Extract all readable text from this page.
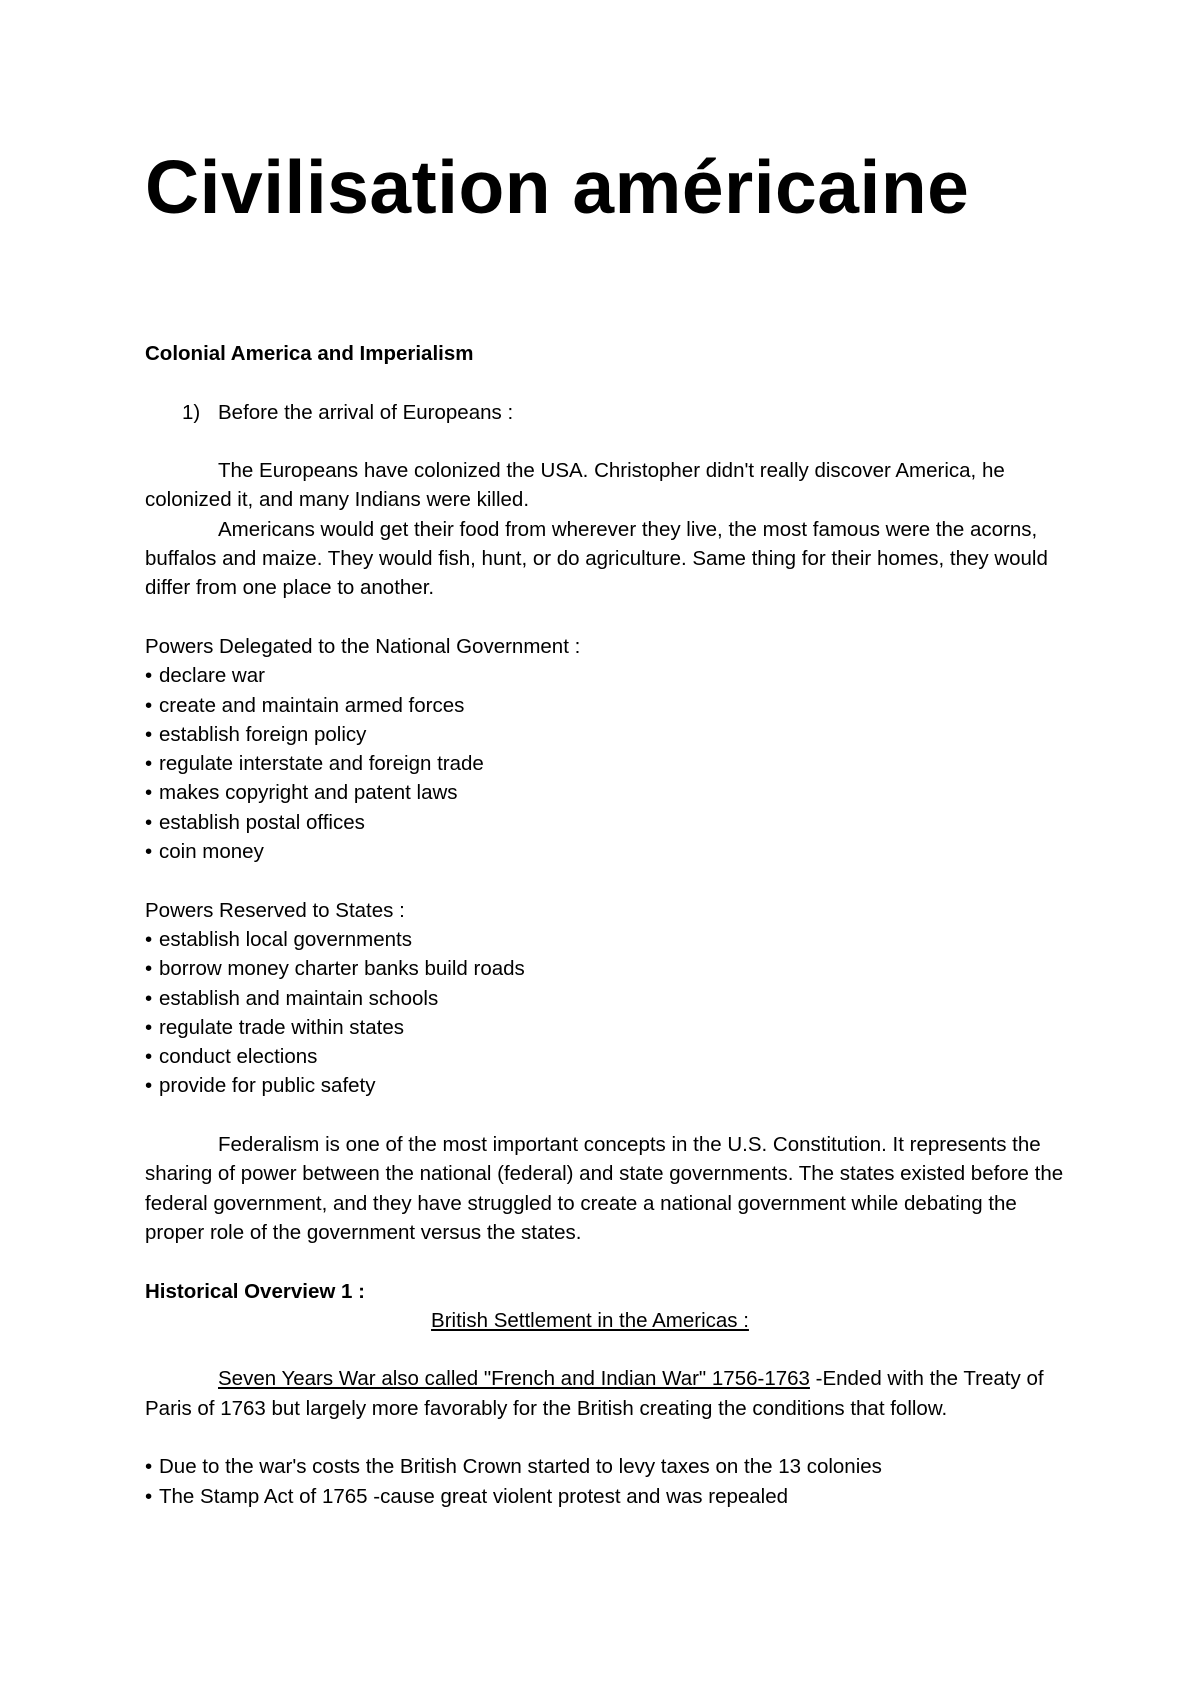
Civilisation américaine

Colonial America and Imperialism

1) Before the arrival of Europeans :

The Europeans have colonized the USA. Christopher didn't really discover America, he colonized it, and many Indians were killed.

Americans would get their food from wherever they live, the most famous were the acorns, buffalos and maize. They would fish, hunt, or do agriculture. Same thing for their homes, they would differ from one place to another.

Powers Delegated to the National Government :

• declare war
• create and maintain armed forces
• establish foreign policy
• regulate interstate and foreign trade
• makes copyright and patent laws
• establish postal offices
• coin money

Powers Reserved to States :

• establish local governments
• borrow money charter banks build roads
• establish and maintain schools
• regulate trade within states
• conduct elections
• provide for public safety

Federalism is one of the most important concepts in the U.S. Constitution. It represents the sharing of power between the national (federal) and state governments. The states existed before the federal government, and they have struggled to create a national government while debating the proper role of the government versus the states.

Historical Overview 1 :

British Settlement in the Americas :

Seven Years War also called "French and Indian War" 1756-1763 -Ended with the Treaty of Paris of 1763 but largely more favorably for the British creating the conditions that follow.

• Due to the war's costs the British Crown started to levy taxes on the 13 colonies
• The Stamp Act of 1765 -cause great violent protest and was repealed
